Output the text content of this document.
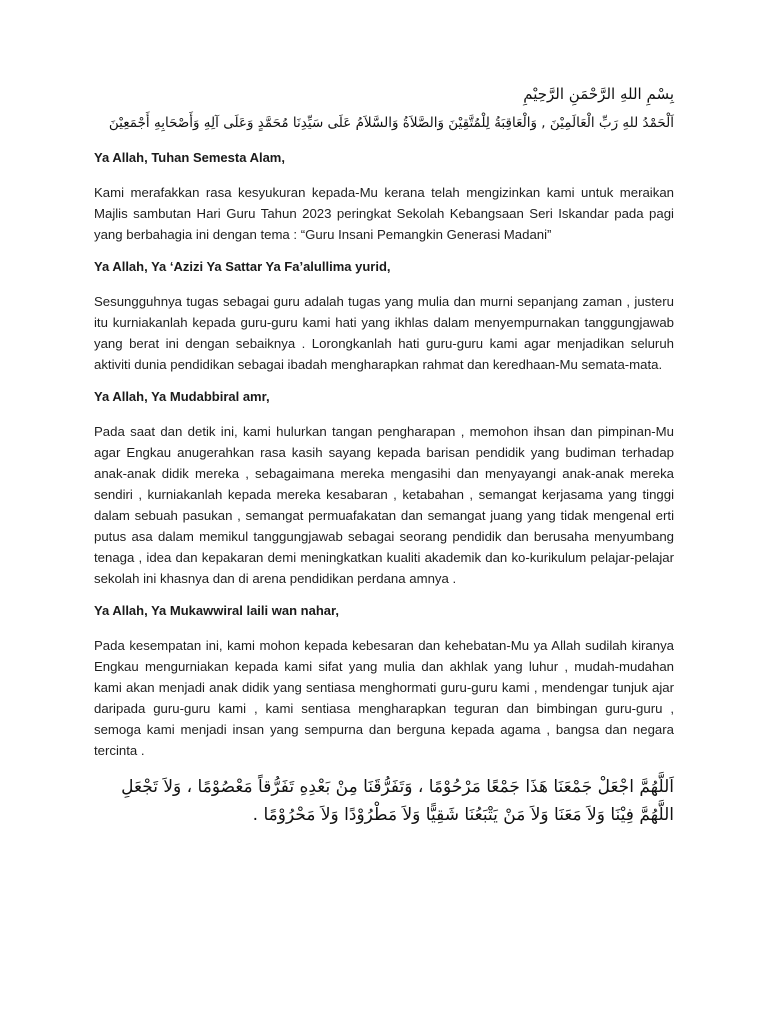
بِسْمِ اللهِ الرَّحْمَنِ الرَّحِيْمِ

اَلْحَمْدُ للهِ رَبِّ الْعَالَمِيْنَ , وَالْعَاقِبَةُ لِلْمُتَّقِيْنَ وَالصَّلاَةُ وَالسَّلاَمُ عَلَى سَيِّدِنَا مُحَمَّدٍ وَعَلَى آلِهِ وَأَصْحَابِهِ أَجْمَعِيْنَ

Ya Allah, Tuhan Semesta Alam,

Kami merafakkan rasa kesyukuran kepada-Mu kerana telah mengizinkan kami untuk meraikan Majlis sambutan Hari Guru Tahun 2023 peringkat Sekolah Kebangsaan Seri Iskandar pada pagi yang berbahagia ini dengan tema : “Guru Insani Pemangkin Generasi Madani”

Ya Allah, Ya ‘Azizi Ya Sattar Ya Fa’alullima yurid,

Sesungguhnya tugas sebagai guru adalah tugas yang mulia dan murni sepanjang zaman , justeru itu kurniakanlah kepada guru-guru kami hati yang ikhlas dalam menyempurnakan tanggungjawab yang berat ini dengan sebaiknya . Lorongkanlah hati guru-guru kami agar menjadikan seluruh aktiviti dunia pendidikan sebagai ibadah mengharapkan rahmat dan keredhaan-Mu semata-mata.

Ya Allah, Ya Mudabbiral amr,

Pada saat dan detik ini, kami hulurkan tangan pengharapan , memohon ihsan dan pimpinan-Mu agar Engkau anugerahkan rasa kasih sayang kepada barisan pendidik yang budiman terhadap anak-anak didik mereka , sebagaimana mereka mengasihi dan menyayangi anak-anak mereka sendiri , kurniakanlah kepada mereka kesabaran , ketabahan , semangat kerjasama yang tinggi dalam sebuah pasukan , semangat permuafakatan dan semangat juang yang tidak mengenal erti putus asa dalam memikul tanggungjawab sebagai seorang pendidik dan berusaha menyumbang tenaga , idea dan kepakaran demi meningkatkan kualiti akademik dan ko-kurikulum pelajar-pelajar sekolah ini khasnya dan di arena pendidikan perdana amnya .

Ya Allah, Ya Mukawwiral laili wan nahar,

Pada kesempatan ini, kami mohon kepada kebesaran dan kehebatan-Mu ya Allah sudilah kiranya Engkau mengurniakan kepada kami sifat yang mulia dan akhlak yang luhur , mudah-mudahan kami akan menjadi anak didik yang sentiasa menghormati guru-guru kami , mendengar tunjuk ajar daripada guru-guru kami , kami sentiasa mengharapkan teguran dan bimbingan guru-guru , semoga kami menjadi insan yang sempurna dan berguna kepada agama , bangsa dan negara tercinta .

اَللَّهُمَّ اجْعَلْ جَمْعَنَا هَذَا جَمْعًا مَرْحُوْمًا ، وَتَفَرُّقَنَا مِنْ بَعْدِهِ تَفَرُّقاً مَعْصُوْمًا ، وَلاَ تَجْعَلِ اللَّهُمَّ فِيْنَا وَلاَ مَعَنَا وَلاَ مَنْ يَتْبَعُنَا شَقِيًّا وَلاَ مَطْرُوْدًا وَلاَ مَحْرُوْمًا .
